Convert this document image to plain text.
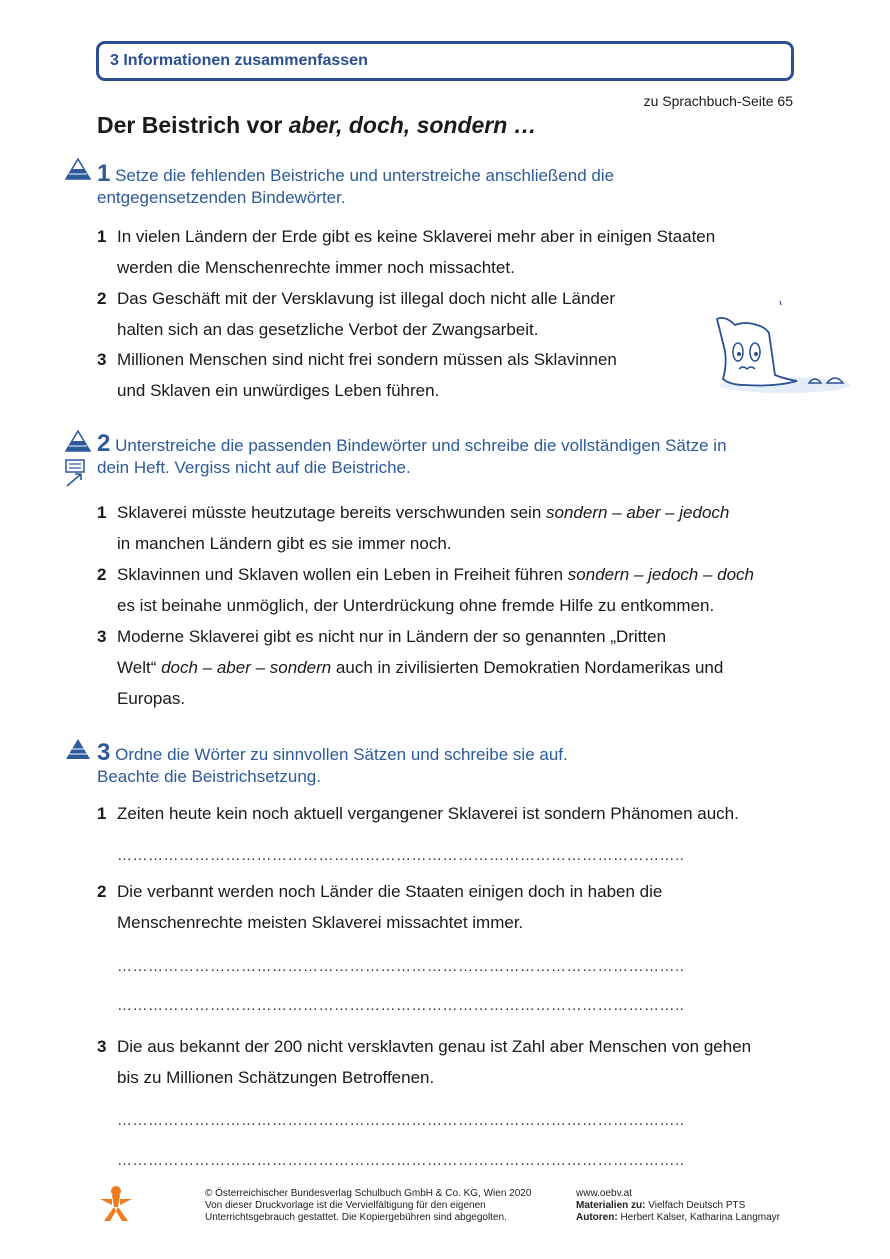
3 Informationen zusammenfassen
zu Sprachbuch-Seite 65
Der Beistrich vor aber, doch, sondern …
1 Setze die fehlenden Beistriche und unterstreiche anschließend die
entgegensetzenden Bindewörter.
1 In vielen Ländern der Erde gibt es keine Sklaverei mehr aber in einigen Staaten
werden die Menschenrechte immer noch missachtet.
2 Das Geschäft mit der Versklavung ist illegal doch nicht alle Länder
halten sich an das gesetzliche Verbot der Zwangsarbeit.
3 Millionen Menschen sind nicht frei sondern müssen als Sklavinnen
und Sklaven ein unwürdiges Leben führen.
2 Unterstreiche die passenden Bindewörter und schreibe die vollständigen Sätze in
dein Heft. Vergiss nicht auf die Beistriche.
1 Sklaverei müsste heutzutage bereits verschwunden sein sondern – aber – jedoch
in manchen Ländern gibt es sie immer noch.
2 Sklavinnen und Sklaven wollen ein Leben in Freiheit führen sondern – jedoch – doch
es ist beinahe unmöglich, der Unterdrückung ohne fremde Hilfe zu entkommen.
3 Moderne Sklaverei gibt es nicht nur in Ländern der so genannten „Dritten
Welt“ doch – aber – sondern auch in zivilisierten Demokratien Nordamerikas und
Europas.
3 Ordne die Wörter zu sinnvollen Sätzen und schreibe sie auf.
Beachte die Beistrichsetzung.
1 Zeiten heute kein noch aktuell vergangener Sklaverei ist sondern Phänomen auch.
………………………………………………………………………………………………..
2 Die verbannt werden noch Länder die Staaten einigen doch in haben die
Menschenrechte meisten Sklaverei missachtet immer.
………………………………………………………………………………………………..
………………………………………………………………………………………………..
3 Die aus bekannt der 200 nicht versklavten genau ist Zahl aber Menschen von gehen
bis zu Millionen Schätzungen Betroffenen.
………………………………………………………………………………………………..
………………………………………………………………………………………………..
© Österreichischer Bundesverlag Schulbuch GmbH & Co. KG, Wien 2020
Von dieser Druckvorlage ist die Vervielfältigung für den eigenen
Unterrichtsgebrauch gestattet. Die Kopiergebühren sind abgegolten.
www.oebv.at
Materialien zu: Vielfach Deutsch PTS
Autoren: Herbert Kalser, Katharina Langmayr
